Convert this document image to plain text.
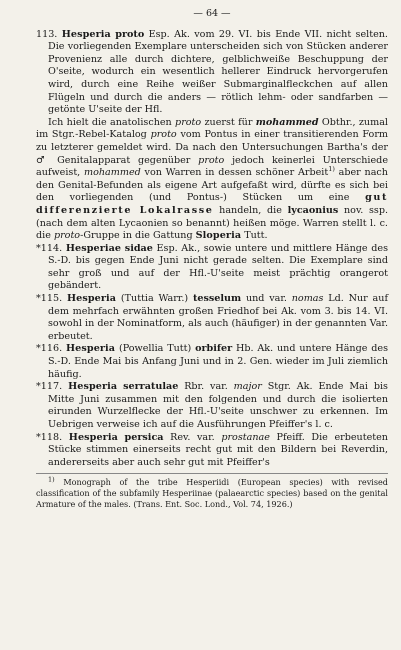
— 64 —

113. Hesperia proto Esp. Ak. vom 29. VI. bis Ende VII. nicht selten. Die vorliegenden Exemplare unterscheiden sich von Stücken anderer Provenienz alle durch dichtere, gelblichweiße Beschuppung der O'seite, wodurch ein wesentlich hellerer Eindruck hervorgerufen wird, durch eine Reihe weißer Submarginalfleckchen auf allen Flügeln und durch die anders — rötlich lehm- oder sandfarben — getönte U'seite der Hfl.

Ich hielt die anatolischen proto zuerst für mohammed Obthr., zumal im Stgr.-Rebel-Katalog proto vom Pontus in einer transitierenden Form zu letzterer gemeldet wird. Da nach den Untersuchungen Bartha's der ♂ Genitalapparat gegenüber proto jedoch keinerlei Unterschiede aufweist, mohammed von Warren in dessen schöner Arbeit$^{1)}$ aber nach den Genital-Befunden als eigene Art aufgefaßt wird, dürfte es sich bei den vorliegenden (und Pontus-) Stücken um eine gut differenzierte Lokalrasse handeln, die lycaonius nov. ssp. (nach dem alten Lycaonien so benannt) heißen möge. Warren stellt l. c. die proto-Gruppe in die Gattung Sloperia Tutt.

*114. Hesperiae sidae Esp. Ak., sowie untere und mittlere Hänge des S.-D. bis gegen Ende Juni nicht gerade selten. Die Exemplare sind sehr groß und auf der Hfl.-U'seite meist prächtig orangerot gebändert.

*115. Hesperia (Tuttia Warr.) tesselum und var. nomas Ld. Nur auf dem mehrfach erwähnten großen Friedhof bei Ak. vom 3. bis 14. VI. sowohl in der Nominatform, als auch (häufiger) in der genannten Var. erbeutet.

*116. Hesperia (Powellia Tutt) orbifer Hb. Ak. und untere Hänge des S.-D. Ende Mai bis Anfang Juni und in 2. Gen. wieder im Juli ziemlich häufig.

*117. Hesperia serratulae Rbr. var. major Stgr. Ak. Ende Mai bis Mitte Juni zusammen mit den folgenden und durch die isolierten eirunden Wurzelflecke der Hfl.-U'seite unschwer zu erkennen. Im Uebrigen verweise ich auf die Ausführungen Pfeiffer's l. c.

*118. Hesperia persica Rev. var. prostanae Pfeiff. Die erbeuteten Stücke stimmen einerseits recht gut mit den Bildern bei Reverdin, andererseits aber auch sehr gut mit Pfeiffer's

$^{1)}$ Monograph of the tribe Hesperiidi (European species) with revised classification of the subfamily Hesperiinae (palaearctic species) based on the genital Armature of the males. (Trans. Ent. Soc. Lond., Vol. 74, 1926.)
